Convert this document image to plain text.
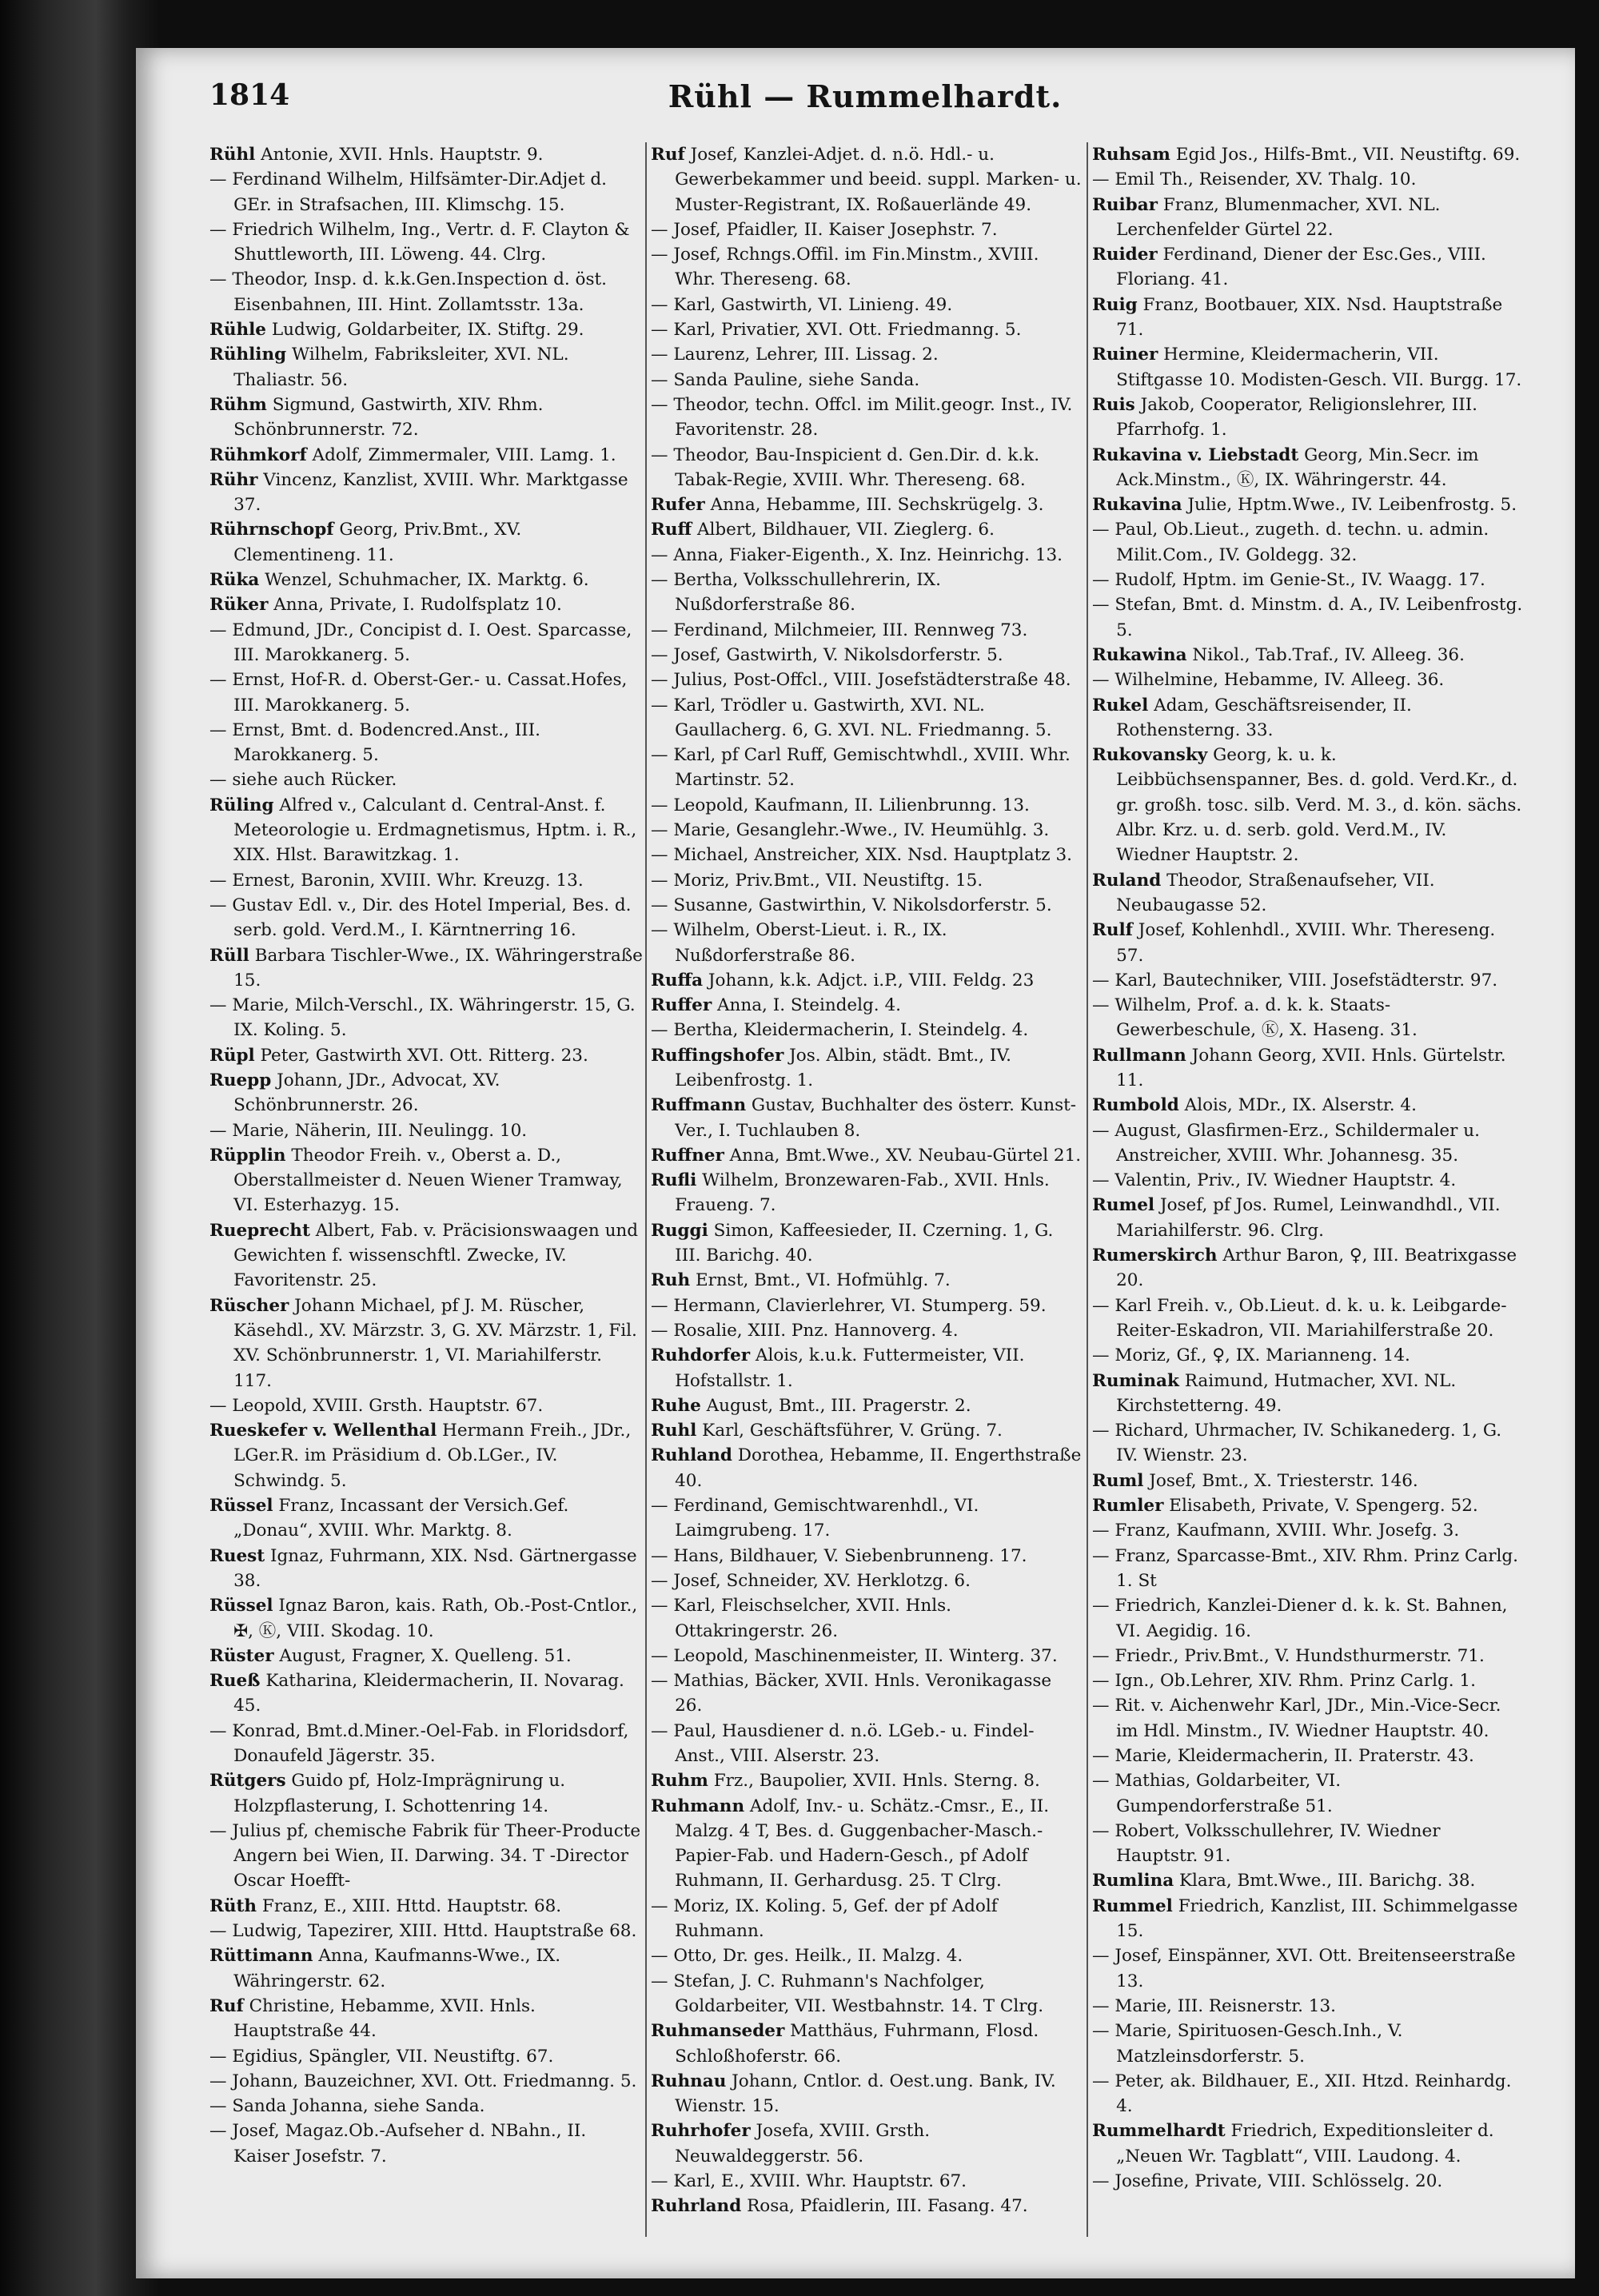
1814	Rühl — Rummelhardt.

Rühl Antonie, XVII. Hnls. Hauptstr. 9.

— Ferdinand Wilhelm, Hilfsämter-Dir.Adjet d. GEr. in Strafsachen, III. Klimschg. 15.

— Friedrich Wilhelm, Ing., Vertr. d. F. Clayton & Shuttleworth, III. Löweng. 44. Clrg.

— Theodor, Insp. d. k.k.Gen.Inspection d. öst. Eisenbahnen, III. Hint. Zollamtsstr. 13a.

Rühle Ludwig, Goldarbeiter, IX. Stiftg. 29.

Rühling Wilhelm, Fabriksleiter, XVI. NL. Thaliastr. 56.

Rühm Sigmund, Gastwirth, XIV. Rhm. Schönbrunnerstr. 72.

Rühmkorf Adolf, Zimmermaler, VIII. Lamg. 1.

Rühr Vincenz, Kanzlist, XVIII. Whr. Marktgasse 37.

Rührnschopf Georg, Priv.Bmt., XV. Clementineng. 11.

Rüka Wenzel, Schuhmacher, IX. Marktg. 6.

Rüker Anna, Private, I. Rudolfsplatz 10.

— Edmund, JDr., Concipist d. I. Oest. Sparcasse, III. Marokkanerg. 5.

— Ernst, Hof-R. d. Oberst-Ger.- u. Cassat.Hofes, III. Marokkanerg. 5.

— Ernst, Bmt. d. Bodencred.Anst., III. Marokkanerg. 5.

— siehe auch Rücker.

Rüling Alfred v., Calculant d. Central-Anst. f. Meteorologie u. Erdmagnetismus, Hptm. i. R., XIX. Hlst. Barawitzkag. 1.

— Ernest, Baronin, XVIII. Whr. Kreuzg. 13.

— Gustav Edl. v., Dir. des Hotel Imperial, Bes. d. serb. gold. Verd.M., I. Kärntnerring 16.

Rüll Barbara Tischler-Wwe., IX. Währingerstraße 15.

— Marie, Milch-Verschl., IX. Währingerstr. 15, G. IX. Koling. 5.

Rüpl Peter, Gastwirth XVI. Ott. Ritterg. 23.

Ruepp Johann, JDr., Advocat, XV. Schönbrunnerstr. 26.

— Marie, Näherin, III. Neulingg. 10.

Rüpplin Theodor Freih. v., Oberst a. D., Oberstallmeister d. Neuen Wiener Tramway, VI. Esterhazyg. 15.

Rueprecht Albert, Fab. v. Präcisionswaagen und Gewichten f. wissenschftl. Zwecke, IV. Favoritenstr. 25.

Rüscher Johann Michael, pf J. M. Rüscher, Käsehdl., XV. Märzstr. 3, G. XV. Märzstr. 1, Fil. XV. Schönbrunnerstr. 1, VI. Mariahilferstr. 117.

— Leopold, XVIII. Grsth. Hauptstr. 67.

Rueskefer v. Wellenthal Hermann Freih., JDr., LGer.R. im Präsidium d. Ob.LGer., IV. Schwindg. 5.

Rüssel Franz, Incassant der Versich.Gef. „Donau“, XVIII. Whr. Marktg. 8.

Ruest Ignaz, Fuhrmann, XIX. Nsd. Gärtnergasse 38.

Rüssel Ignaz Baron, kais. Rath, Ob.-Post-Cntlor., ✠, Ⓚ, VIII. Skodag. 10.

Rüster August, Fragner, X. Quelleng. 51.

Rueß Katharina, Kleidermacherin, II. Novarag. 45.

— Konrad, Bmt.d.Miner.-Oel-Fab. in Floridsdorf, Donaufeld Jägerstr. 35.

Rütgers Guido pf, Holz-Imprägnirung u. Holzpflasterung, I. Schottenring 14.

— Julius pf, chemische Fabrik für Theer-Producte Angern bei Wien, II. Darwing. 34. T -Director Oscar Hoefft-

Rüth Franz, E., XIII. Httd. Hauptstr. 68.

— Ludwig, Tapezirer, XIII. Httd. Hauptstraße 68.

Rüttimann Anna, Kaufmanns-Wwe., IX. Währingerstr. 62.

Ruf Christine, Hebamme, XVII. Hnls. Hauptstraße 44.

— Egidius, Spängler, VII. Neustiftg. 67.

— Johann, Bauzeichner, XVI. Ott. Friedmanng. 5.

— Sanda Johanna, siehe Sanda.

— Josef, Magaz.Ob.-Aufseher d. NBahn., II. Kaiser Josefstr. 7.

Ruf Josef, Kanzlei-Adjet. d. n.ö. Hdl.- u. Gewerbekammer und beeid. suppl. Marken- u. Muster-Registrant, IX. Roßauerlände 49.

— Josef, Pfaidler, II. Kaiser Josephstr. 7.

— Josef, Rchngs.Offil. im Fin.Minstm., XVIII. Whr. Thereseng. 68.

— Karl, Gastwirth, VI. Linieng. 49.

— Karl, Privatier, XVI. Ott. Friedmanng. 5.

— Laurenz, Lehrer, III. Lissag. 2.

— Sanda Pauline, siehe Sanda.

— Theodor, techn. Offcl. im Milit.geogr. Inst., IV. Favoritenstr. 28.

— Theodor, Bau-Inspicient d. Gen.Dir. d. k.k. Tabak-Regie, XVIII. Whr. Thereseng. 68.

Rufer Anna, Hebamme, III. Sechskrügelg. 3.

Ruff Albert, Bildhauer, VII. Zieglerg. 6.

— Anna, Fiaker-Eigenth., X. Inz. Heinrichg. 13.

— Bertha, Volksschullehrerin, IX. Nußdorferstraße 86.

— Ferdinand, Milchmeier, III. Rennweg 73.

— Josef, Gastwirth, V. Nikolsdorferstr. 5.

— Julius, Post-Offcl., VIII. Josefstädterstraße 48.

— Karl, Trödler u. Gastwirth, XVI. NL. Gaullacherg. 6, G. XVI. NL. Friedmanng. 5.

— Karl, pf Carl Ruff, Gemischtwhdl., XVIII. Whr. Martinstr. 52.

— Leopold, Kaufmann, II. Lilienbrunng. 13.

— Marie, Gesanglehr.-Wwe., IV. Heumühlg. 3.

— Michael, Anstreicher, XIX. Nsd. Hauptplatz 3.

— Moriz, Priv.Bmt., VII. Neustiftg. 15.

— Susanne, Gastwirthin, V. Nikolsdorferstr. 5.

— Wilhelm, Oberst-Lieut. i. R., IX. Nußdorferstraße 86.

Ruffa Johann, k.k. Adjct. i.P., VIII. Feldg. 23

Ruffer Anna, I. Steindelg. 4.

— Bertha, Kleidermacherin, I. Steindelg. 4.

Ruffingshofer Jos. Albin, städt. Bmt., IV. Leibenfrostg. 1.

Ruffmann Gustav, Buchhalter des österr. Kunst-Ver., I. Tuchlauben 8.

Ruffner Anna, Bmt.Wwe., XV. Neubau-Gürtel 21.

Rufli Wilhelm, Bronzewaren-Fab., XVII. Hnls. Fraueng. 7.

Ruggi Simon, Kaffeesieder, II. Czerning. 1, G. III. Barichg. 40.

Ruh Ernst, Bmt., VI. Hofmühlg. 7.

— Hermann, Clavierlehrer, VI. Stumperg. 59.

— Rosalie, XIII. Pnz. Hannoverg. 4.

Ruhdorfer Alois, k.u.k. Futtermeister, VII. Hofstallstr. 1.

Ruhe August, Bmt., III. Pragerstr. 2.

Ruhl Karl, Geschäftsführer, V. Grüng. 7.

Ruhland Dorothea, Hebamme, II. Engerthstraße 40.

— Ferdinand, Gemischtwarenhdl., VI. Laimgrubeng. 17.

— Hans, Bildhauer, V. Siebenbrunneng. 17.

— Josef, Schneider, XV. Herklotzg. 6.

— Karl, Fleischselcher, XVII. Hnls. Ottakringerstr. 26.

— Leopold, Maschinenmeister, II. Winterg. 37.

— Mathias, Bäcker, XVII. Hnls. Veronikagasse 26.

— Paul, Hausdiener d. n.ö. LGeb.- u. Findel-Anst., VIII. Alserstr. 23.

Ruhm Frz., Baupolier, XVII. Hnls. Sterng. 8.

Ruhmann Adolf, Inv.- u. Schätz.-Cmsr., E., II. Malzg. 4 T, Bes. d. Guggenbacher-Masch.-Papier-Fab. und Hadern-Gesch., pf Adolf Ruhmann, II. Gerhardusg. 25. T Clrg.

— Moriz, IX. Koling. 5, Gef. der pf Adolf Ruhmann.

— Otto, Dr. ges. Heilk., II. Malzg. 4.

— Stefan, J. C. Ruhmann's Nachfolger, Goldarbeiter, VII. Westbahnstr. 14. T Clrg.

Ruhmanseder Matthäus, Fuhrmann, Flosd. Schloßhoferstr. 66.

Ruhnau Johann, Cntlor. d. Oest.ung. Bank, IV. Wienstr. 15.

Ruhrhofer Josefa, XVIII. Grsth. Neuwaldeggerstr. 56.

— Karl, E., XVIII. Whr. Hauptstr. 67.

Ruhrland Rosa, Pfaidlerin, III. Fasang. 47.

Ruhsam Egid Jos., Hilfs-Bmt., VII. Neustiftg. 69.

— Emil Th., Reisender, XV. Thalg. 10.

Ruibar Franz, Blumenmacher, XVI. NL. Lerchenfelder Gürtel 22.

Ruider Ferdinand, Diener der Esc.Ges., VIII. Floriang. 41.

Ruig Franz, Bootbauer, XIX. Nsd. Hauptstraße 71.

Ruiner Hermine, Kleidermacherin, VII. Stiftgasse 10. Modisten-Gesch. VII. Burgg. 17.

Ruis Jakob, Cooperator, Religionslehrer, III. Pfarrhofg. 1.

Rukavina v. Liebstadt Georg, Min.Secr. im Ack.Minstm., Ⓚ, IX. Währingerstr. 44.

Rukavina Julie, Hptm.Wwe., IV. Leibenfrostg. 5.

— Paul, Ob.Lieut., zugeth. d. techn. u. admin. Milit.Com., IV. Goldegg. 32.

— Rudolf, Hptm. im Genie-St., IV. Waagg. 17.

— Stefan, Bmt. d. Minstm. d. A., IV. Leibenfrostg. 5.

Rukawina Nikol., Tab.Traf., IV. Alleeg. 36.

— Wilhelmine, Hebamme, IV. Alleeg. 36.

Rukel Adam, Geschäftsreisender, II. Rothensterng. 33.

Rukovansky Georg, k. u. k. Leibbüchsenspanner, Bes. d. gold. Verd.Kr., d. gr. großh. tosc. silb. Verd. M. 3., d. kön. sächs. Albr. Krz. u. d. serb. gold. Verd.M., IV. Wiedner Hauptstr. 2.

Ruland Theodor, Straßenaufseher, VII. Neubaugasse 52.

Rulf Josef, Kohlenhdl., XVIII. Whr. Thereseng. 57.

— Karl, Bautechniker, VIII. Josefstädterstr. 97.

— Wilhelm, Prof. a. d. k. k. Staats-Gewerbeschule, Ⓚ, X. Haseng. 31.

Rullmann Johann Georg, XVII. Hnls. Gürtelstr. 11.

Rumbold Alois, MDr., IX. Alserstr. 4.

— August, Glasfirmen-Erz., Schildermaler u. Anstreicher, XVIII. Whr. Johannesg. 35.

— Valentin, Priv., IV. Wiedner Hauptstr. 4.

Rumel Josef, pf Jos. Rumel, Leinwandhdl., VII. Mariahilferstr. 96. Clrg.

Rumerskirch Arthur Baron, ♀, III. Beatrixgasse 20.

— Karl Freih. v., Ob.Lieut. d. k. u. k. Leibgarde-Reiter-Eskadron, VII. Mariahilferstraße 20.

— Moriz, Gf., ♀, IX. Marianneng. 14.

Ruminak Raimund, Hutmacher, XVI. NL. Kirchstetterng. 49.

— Richard, Uhrmacher, IV. Schikanederg. 1, G. IV. Wienstr. 23.

Ruml Josef, Bmt., X. Triesterstr. 146.

Rumler Elisabeth, Private, V. Spengerg. 52.

— Franz, Kaufmann, XVIII. Whr. Josefg. 3.

— Franz, Sparcasse-Bmt., XIV. Rhm. Prinz Carlg. 1. St

— Friedrich, Kanzlei-Diener d. k. k. St. Bahnen, VI. Aegidig. 16.

— Friedr., Priv.Bmt., V. Hundsthurmerstr. 71.

— Ign., Ob.Lehrer, XIV. Rhm. Prinz Carlg. 1.

— Rit. v. Aichenwehr Karl, JDr., Min.-Vice-Secr. im Hdl. Minstm., IV. Wiedner Hauptstr. 40.

— Marie, Kleidermacherin, II. Praterstr. 43.

— Mathias, Goldarbeiter, VI. Gumpendorferstraße 51.

— Robert, Volksschullehrer, IV. Wiedner Hauptstr. 91.

Rumlina Klara, Bmt.Wwe., III. Barichg. 38.

Rummel Friedrich, Kanzlist, III. Schimmelgasse 15.

— Josef, Einspänner, XVI. Ott. Breitenseerstraße 13.

— Marie, III. Reisnerstr. 13.

— Marie, Spirituosen-Gesch.Inh., V. Matzleinsdorferstr. 5.

— Peter, ak. Bildhauer, E., XII. Htzd. Reinhardg. 4.

Rummelhardt Friedrich, Expeditionsleiter d. „Neuen Wr. Tagblatt“, VIII. Laudong. 4.

— Josefine, Private, VIII. Schlösselg. 20.
